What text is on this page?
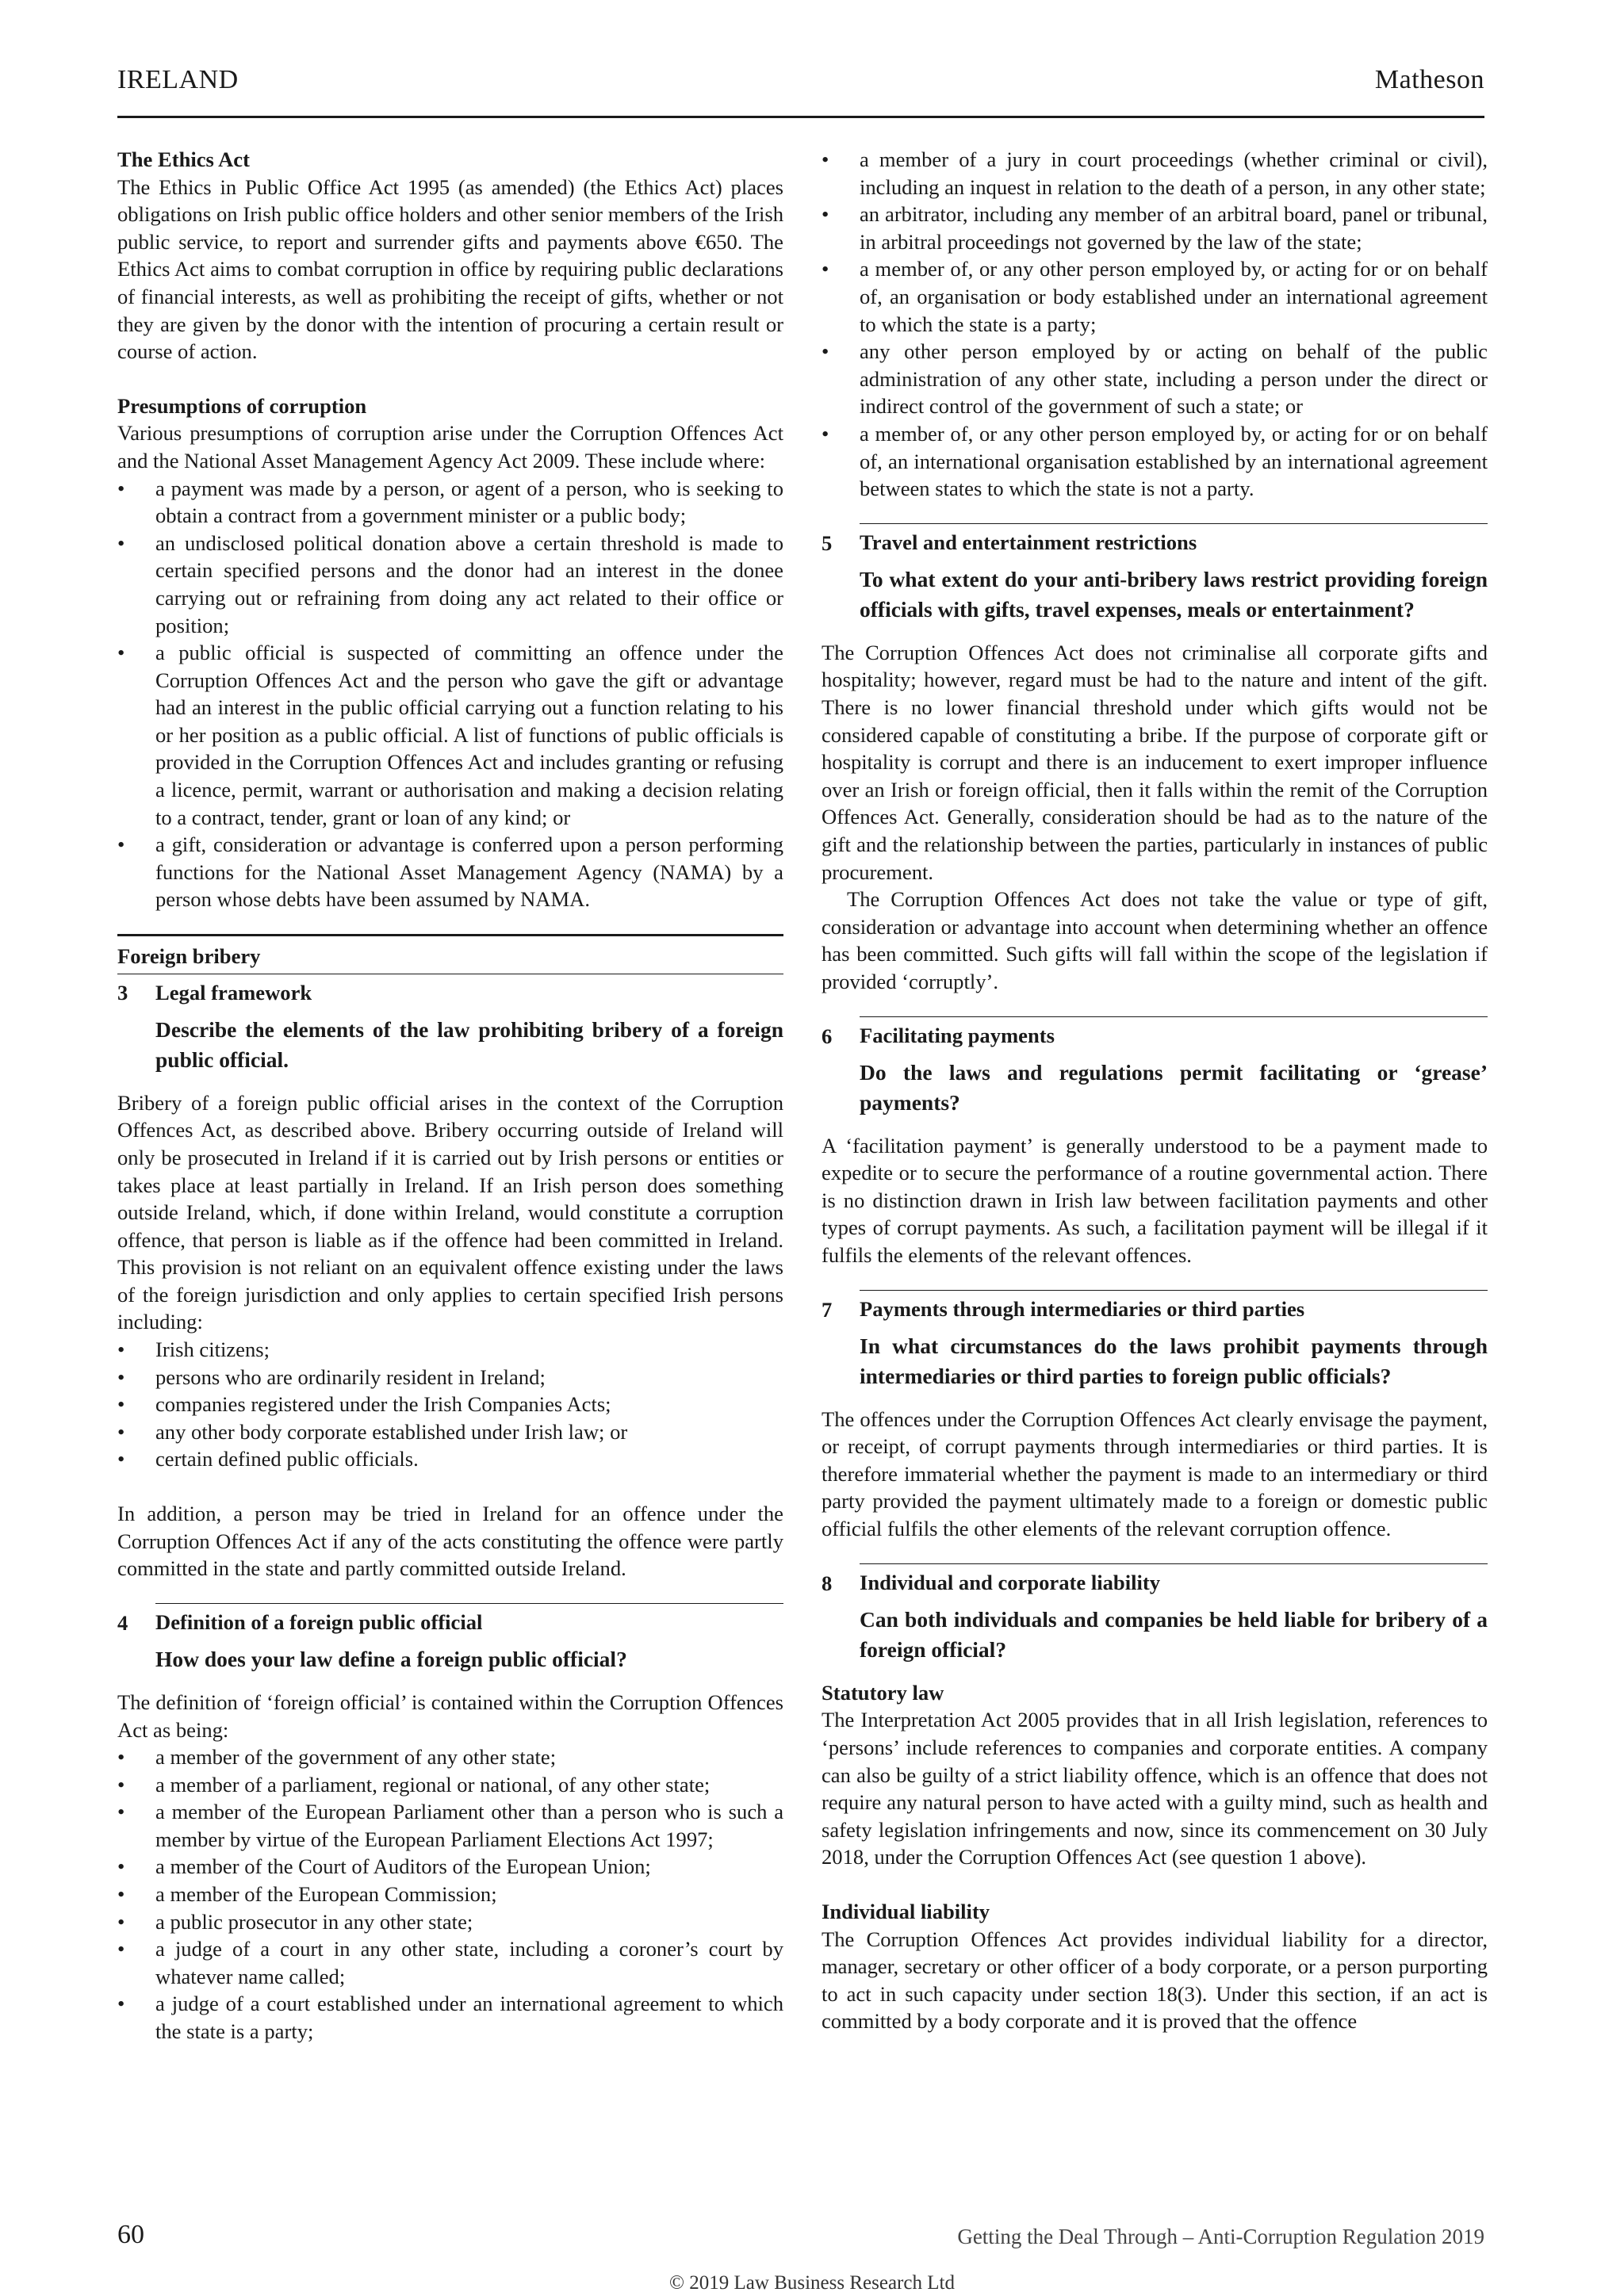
IRELAND	Matheson

The Ethics Act

The Ethics in Public Office Act 1995 (as amended) (the Ethics Act) places obligations on Irish public office holders and other senior members of the Irish public service, to report and surrender gifts and payments above €650. The Ethics Act aims to combat corruption in office by requiring public declarations of financial interests, as well as prohibiting the receipt of gifts, whether or not they are given by the donor with the intention of procuring a certain result or course of action.

Presumptions of corruption

Various presumptions of corruption arise under the Corruption Offences Act and the National Asset Management Agency Act 2009. These include where:

• a payment was made by a person, or agent of a person, who is seeking to obtain a contract from a government minister or a public body;
• an undisclosed political donation above a certain threshold is made to certain specified persons and the donor had an interest in the donee carrying out or refraining from doing any act related to their office or position;
• a public official is suspected of committing an offence under the Corruption Offences Act and the person who gave the gift or advantage had an interest in the public official carrying out a function relating to his or her position as a public official. A list of functions of public officials is provided in the Corruption Offences Act and includes granting or refusing a licence, permit, warrant or authorisation and making a decision relating to a contract, tender, grant or loan of any kind; or
• a gift, consideration or advantage is conferred upon a person performing functions for the National Asset Management Agency (NAMA) by a person whose debts have been assumed by NAMA.

Foreign bribery

3	Legal framework
Describe the elements of the law prohibiting bribery of a foreign public official.

Bribery of a foreign public official arises in the context of the Corruption Offences Act, as described above. Bribery occurring outside of Ireland will only be prosecuted in Ireland if it is carried out by Irish persons or entities or takes place at least partially in Ireland. If an Irish person does something outside Ireland, which, if done within Ireland, would constitute a corruption offence, that person is liable as if the offence had been committed in Ireland. This provision is not reliant on an equivalent offence existing under the laws of the foreign jurisdiction and only applies to certain specified Irish persons including:

• Irish citizens;
• persons who are ordinarily resident in Ireland;
• companies registered under the Irish Companies Acts;
• any other body corporate established under Irish law; or
• certain defined public officials.

In addition, a person may be tried in Ireland for an offence under the Corruption Offences Act if any of the acts constituting the offence were partly committed in the state and partly committed outside Ireland.

4	Definition of a foreign public official
How does your law define a foreign public official?

The definition of ‘foreign official’ is contained within the Corruption Offences Act as being:

• a member of the government of any other state;
• a member of a parliament, regional or national, of any other state;
• a member of the European Parliament other than a person who is such a member by virtue of the European Parliament Elections Act 1997;
• a member of the Court of Auditors of the European Union;
• a member of the European Commission;
• a public prosecutor in any other state;
• a judge of a court in any other state, including a coroner’s court by whatever name called;
• a judge of a court established under an international agreement to which the state is a party;
• a member of a jury in court proceedings (whether criminal or civil), including an inquest in relation to the death of a person, in any other state;
• an arbitrator, including any member of an arbitral board, panel or tribunal, in arbitral proceedings not governed by the law of the state;
• a member of, or any other person employed by, or acting for or on behalf of, an organisation or body established under an international agreement to which the state is a party;
• any other person employed by or acting on behalf of the public administration of any other state, including a person under the direct or indirect control of the government of such a state; or
• a member of, or any other person employed by, or acting for or on behalf of, an international organisation established by an international agreement between states to which the state is not a party.
5	Travel and entertainment restrictions
To what extent do your anti-bribery laws restrict providing foreign officials with gifts, travel expenses, meals or entertainment?

The Corruption Offences Act does not criminalise all corporate gifts and hospitality; however, regard must be had to the nature and intent of the gift. There is no lower financial threshold under which gifts would not be considered capable of constituting a bribe. If the purpose of corporate gift or hospitality is corrupt and there is an inducement to exert improper influence over an Irish or foreign official, then it falls within the remit of the Corruption Offences Act. Generally, consideration should be had as to the nature of the gift and the relationship between the parties, particularly in instances of public procurement.

The Corruption Offences Act does not take the value or type of gift, consideration or advantage into account when determining whether an offence has been committed. Such gifts will fall within the scope of the legislation if provided ‘corruptly’.

6	Facilitating payments
Do the laws and regulations permit facilitating or ‘grease’ payments?

A ‘facilitation payment’ is generally understood to be a payment made to expedite or to secure the performance of a routine governmental action. There is no distinction drawn in Irish law between facilitation payments and other types of corrupt payments. As such, a facilitation payment will be illegal if it fulfils the elements of the relevant offences.

7	Payments through intermediaries or third parties
In what circumstances do the laws prohibit payments through intermediaries or third parties to foreign public officials?

The offences under the Corruption Offences Act clearly envisage the payment, or receipt, of corrupt payments through intermediaries or third parties. It is therefore immaterial whether the payment is made to an intermediary or third party provided the payment ultimately made to a foreign or domestic public official fulfils the other elements of the relevant corruption offence.

8	Individual and corporate liability
Can both individuals and companies be held liable for bribery of a foreign official?

Statutory law

The Interpretation Act 2005 provides that in all Irish legislation, references to ‘persons’ include references to companies and corporate entities. A company can also be guilty of a strict liability offence, which is an offence that does not require any natural person to have acted with a guilty mind, such as health and safety legislation infringements and now, since its commencement on 30 July 2018, under the Corruption Offences Act (see question 1 above).

Individual liability

The Corruption Offences Act provides individual liability for a director, manager, secretary or other officer of a body corporate, or a person purporting to act in such capacity under section 18(3). Under this section, if an act is committed by a body corporate and it is proved that the offence

60	Getting the Deal Through – Anti-Corruption Regulation 2019
© 2019 Law Business Research Ltd
